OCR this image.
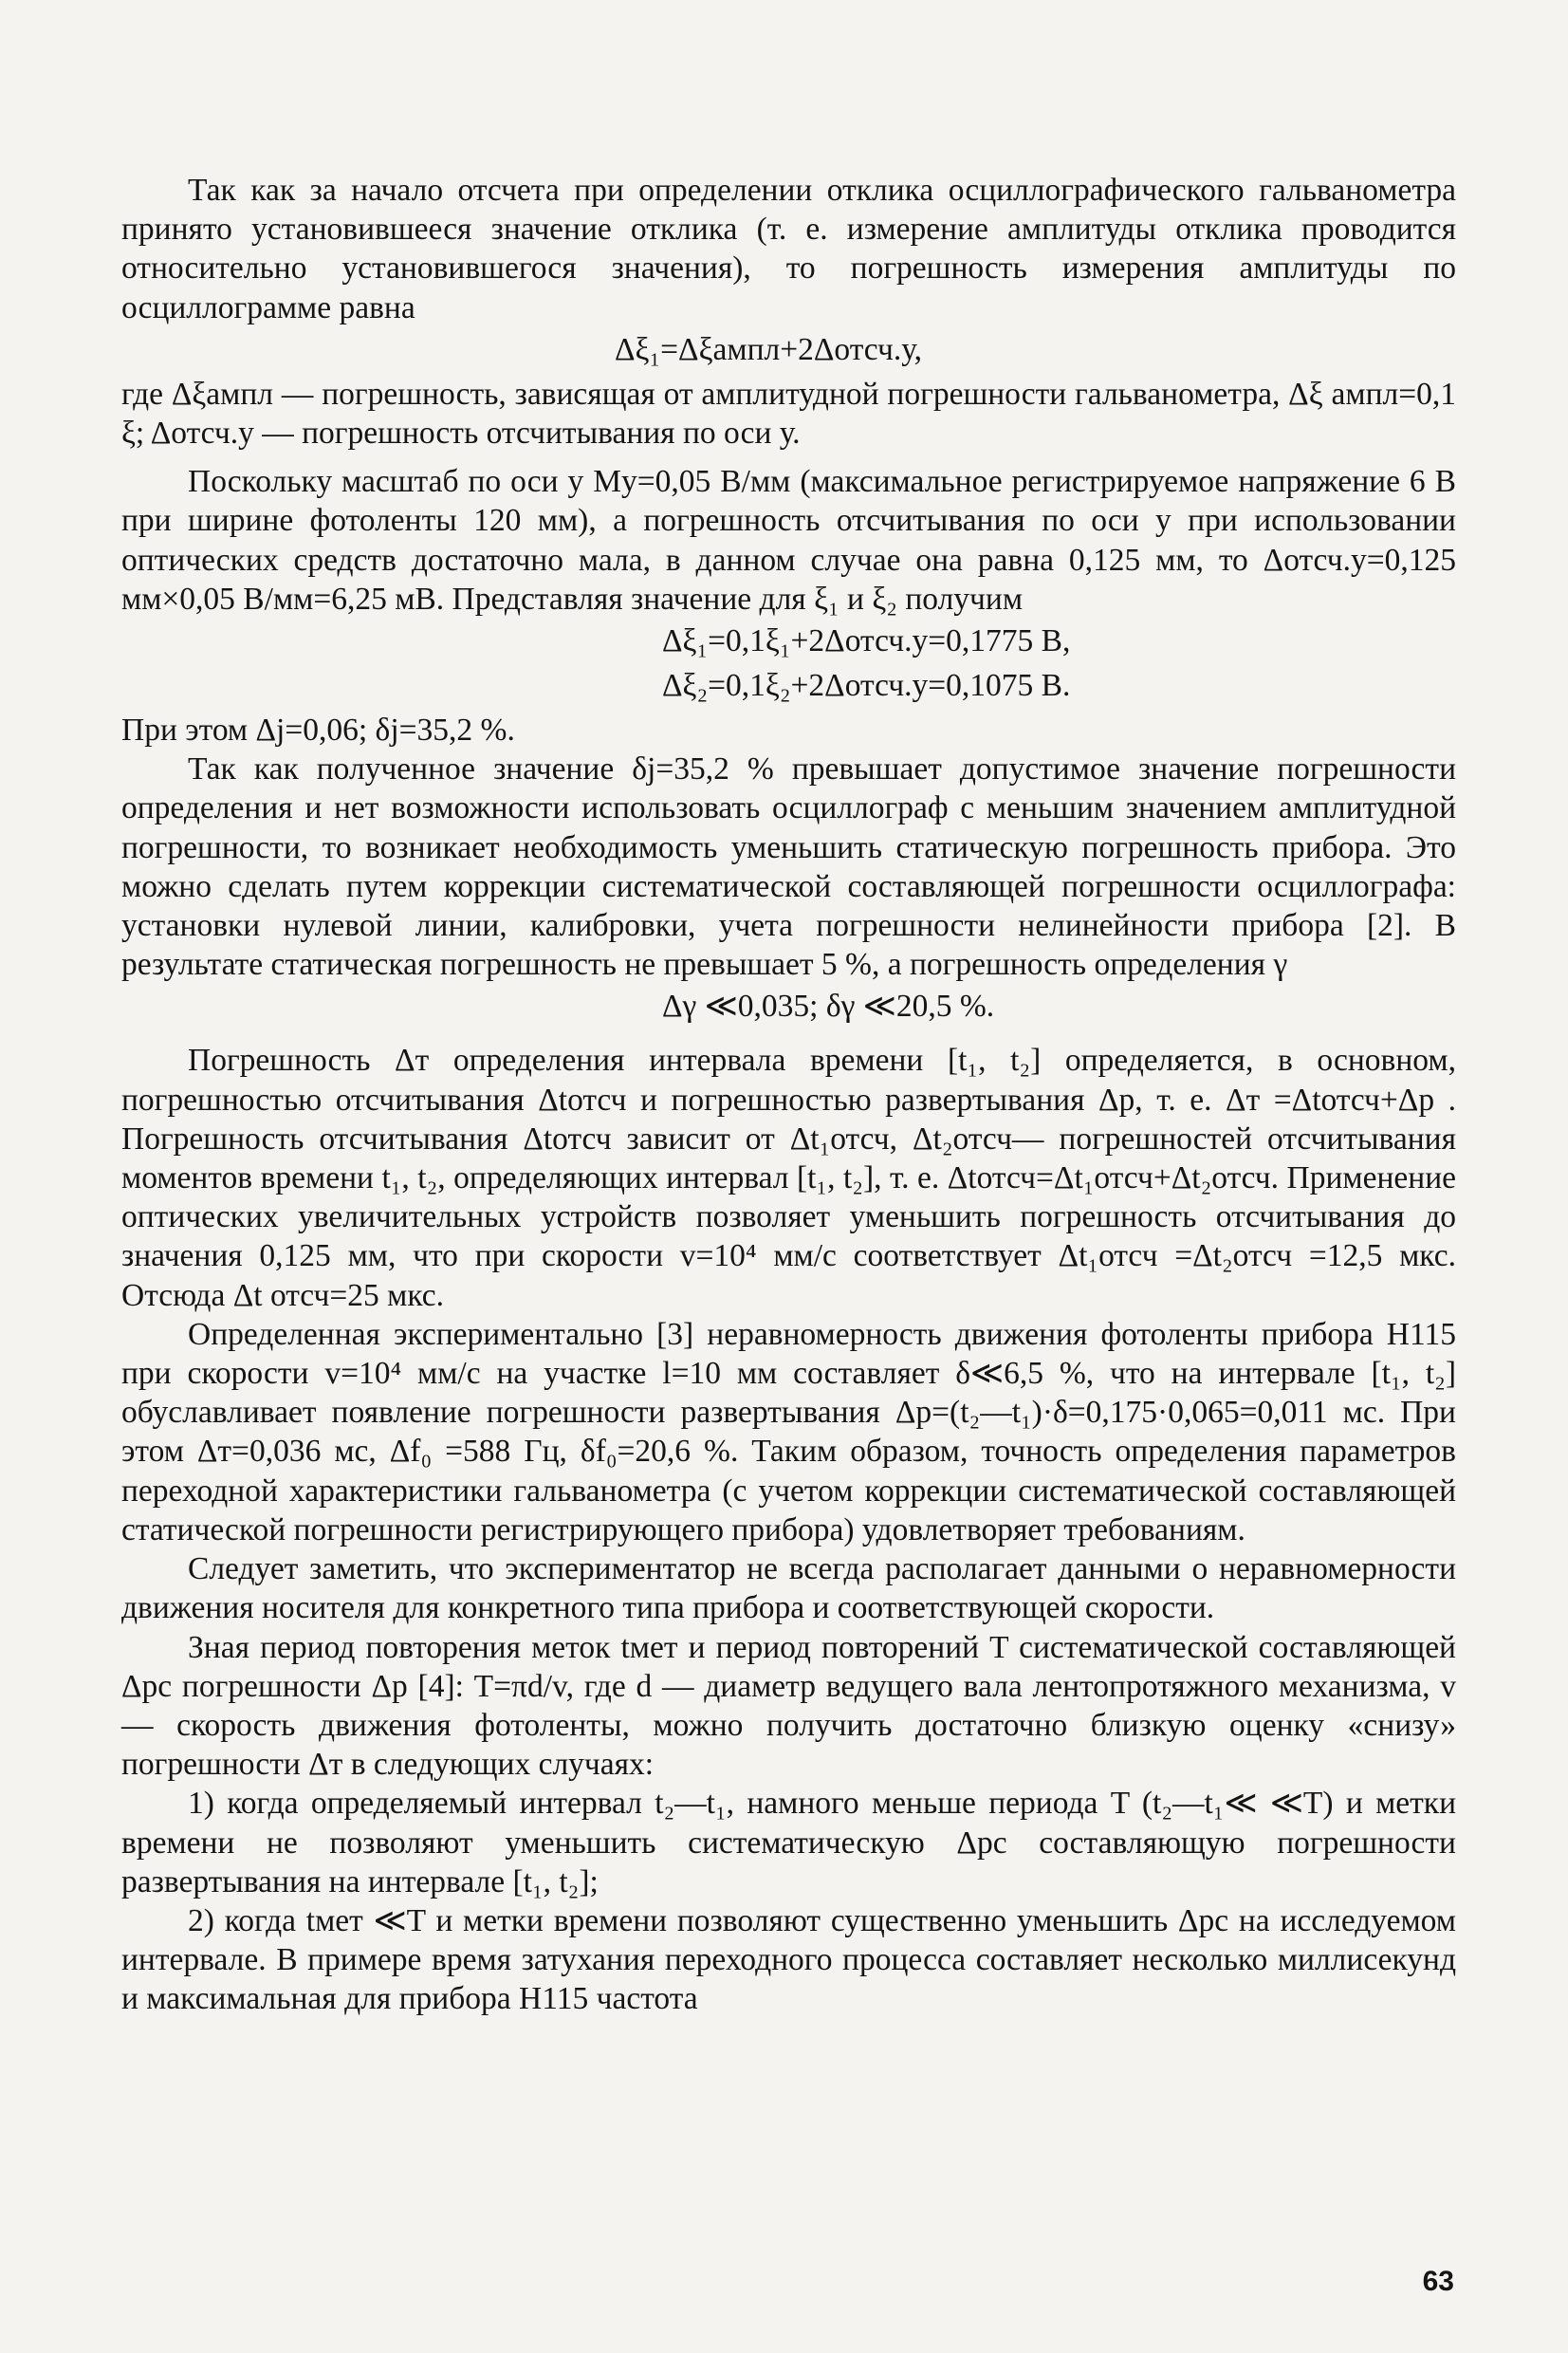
Так как за начало отсчета при определении отклика осциллографического гальванометра принято установившееся значение отклика (т. е. измерение амплитуды отклика проводится относительно установившегося значения), то погрешность измерения амплитуды по осциллограмме равна

Δξ₁=Δξампл+2Δотсч.у,

где Δξампл — погрешность, зависящая от амплитудной погрешности гальванометра, Δξ ампл=0,1 ξ; Δотсч.у — погрешность отсчитывания по оси у.

Поскольку масштаб по оси у Mу=0,05 В/мм (максимальное регистрируемое напряжение 6 В при ширине фотоленты 120 мм), а погрешность отсчитывания по оси у при использовании оптических средств достаточно мала, в данном случае она равна 0,125 мм, то Δотсч.у=0,125 мм×0,05 В/мм=6,25 мВ. Представляя значение для ξ₁ и ξ₂ получим

Δξ₁=0,1ξ₁+2Δотсч.у=0,1775 В,
Δξ₂=0,1ξ₂+2Δотсч.у=0,1075 В.

При этом Δj=0,06; δj=35,2 %.

Так как полученное значение δj=35,2 % превышает допустимое значение погрешности определения и нет возможности использовать осциллограф с меньшим значением амплитудной погрешности, то возникает необходимость уменьшить статическую погрешность прибора. Это можно сделать путем коррекции систематической составляющей погрешности осциллографа: установки нулевой линии, калибровки, учета погрешности нелинейности прибора [2]. В результате статическая погрешность не превышает 5 %, а погрешность определения γ

Δγ ≪0,035; δγ ≪20,5 %.

Погрешность Δт определения интервала времени [t₁, t₂] определяется, в основном, погрешностью отсчитывания Δtотсч и погрешностью развертывания Δр, т. е. Δт =Δtотсч+Δр . Погрешность отсчитывания Δtотсч зависит от Δt₁отсч, Δt₂отсч— погрешностей отсчитывания моментов времени t₁, t₂, определяющих интервал [t₁, t₂], т. е. Δtотсч=Δt₁отсч+Δt₂отсч. Применение оптических увеличительных устройств позволяет уменьшить погрешность отсчитывания до значения 0,125 мм, что при скорости v=10⁴ мм/с соответствует Δt₁отсч =Δt₂отсч =12,5 мкс. Отсюда Δt отсч=25 мкс.

Определенная экспериментально [3] неравномерность движения фотоленты прибора Н115 при скорости v=10⁴ мм/с на участке l=10 мм составляет δ≪6,5 %, что на интервале [t₁, t₂] обуславливает появление погрешности развертывания Δр=(t₂—t₁)·δ=0,175·0,065=0,011 мс. При этом Δт=0,036 мс, Δf₀ =588 Гц, δf₀=20,6 %. Таким образом, точность определения параметров переходной характеристики гальванометра (с учетом коррекции систематической составляющей статической погрешности регистрирующего прибора) удовлетворяет требованиям.

Следует заметить, что экспериментатор не всегда располагает данными о неравномерности движения носителя для конкретного типа прибора и соответствующей скорости.

Зная период повторения меток tмет и период повторений T систематической составляющей Δрс погрешности Δр [4]: T=πd/v, где d — диаметр ведущего вала лентопротяжного механизма, v — скорость движения фотоленты, можно получить достаточно близкую оценку «снизу» погрешности Δт в следующих случаях:

1) когда определяемый интервал t₂—t₁, намного меньше периода T (t₂—t₁≪ ≪T) и метки времени не позволяют уменьшить систематическую Δрс составляющую погрешности развертывания на интервале [t₁, t₂];

2) когда tмет ≪T и метки времени позволяют существенно уменьшить Δрс на исследуемом интервале. В примере время затухания переходного процесса составляет несколько миллисекунд и максимальная для прибора Н115 частота

63
